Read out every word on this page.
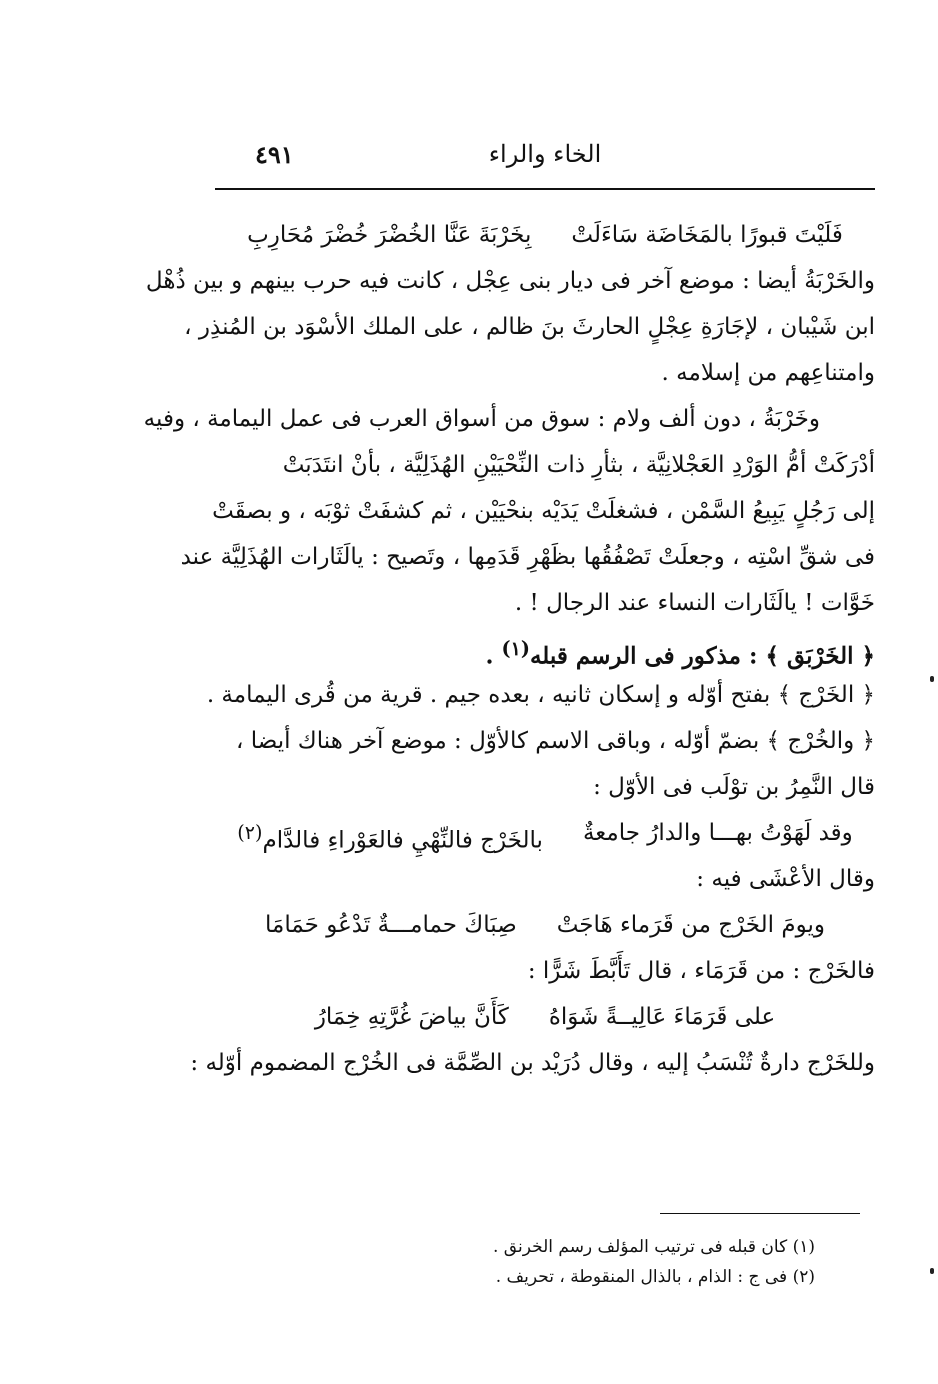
الخاء والراء
٤٩١
فَلَيْتَ قبورًا بالمَخَاضَة سَاءَلَتْ
بِخَرْبَةَ عَنَّا الخُضْرَ خُضْرَ مُحَارِبِ
والخَرْبَةُ أيضا : موضع آخر فى ديار بنى عِجْل ، كانت فيه حرب بينهم و بين ذُهْل
ابن شَيْبان ، لإجَارَةِ عِجْلٍ الحارثَ بنَ ظالم ، على الملك الأسْوَد بن المُنذِر ،
وامتناعِهم من إسلامه .
وخَرْبَةُ ، دون ألف ولام : سوق من أسواق العرب فى عمل اليمامة ، وفيه
أدْرَكَتْ أمُّ الوَرْدِ العَجْلانِيَّة ، بثأرِ ذات النِّحْيَيْنِ الهُذَلِيَّة ، بأنْ انتَدَبَتْ
إلى رَجُلٍ يَبِيعُ السَّمْن ، فشغلَتْ يَدَيْه بنحْيَيْن ، ثم كشفَتْ ثوْبَه ، و بصقَتْ
فى شقِّ اسْتِه ، وجعلَتْ تَصْفُقُها بظَهْرِ قَدَمِها ، وتَصيح : يالَثَارات الهُذَلِيَّة عند
خَوَّات ! يالَثَارات النساء عند الرجال ! .
﴿ الخَرْبَق ﴾ : مذكور فى الرسم قبله$^{(١)}$ .
﴿ الخَرْج ﴾ بفتح أوّله و إسكان ثانيه ، بعده جيم . قرية من قُرى اليمامة .
﴿ والخُرْج ﴾ بضمّ أوّله ، وباقى الاسم كالأوّل : موضع آخر هناك أيضا ،
قال النَّمِرُ بن توْلَب فى الأوّل :
وقد لَهَوْتُ بهـــا والدارُ جامعةٌ
بالخَرْج فالنِّهْيِ فالعَوْراءِ فالدَّام$^{(٢)}$
وقال الأعْشَى فيه :
ويومَ الخَرْج من قَرَماء هَاجَتْ
صِبَاكَ حمامـــةٌ تَدْعُو حَمَامَا
فالخَرْج : من قَرَمَاء ، قال تَأَبَّطَ شَرًّا :
على قَرَمَاءَ عَالِيــةً شَوَاهُ
كَأَنَّ بياضَ غُرَّتِهِ خِمَارُ
وللخَرْج دارةٌ تُنْسَبُ إليه ، وقال دُرَيْد بن الصِّمَّة فى الخُرْج المضموم أوّله :
(١) كان قبله فى ترتيب المؤلف رسم الخرنق .
(٢) فى ج : الذام ، بالذال المنقوطة ، تحريف .
